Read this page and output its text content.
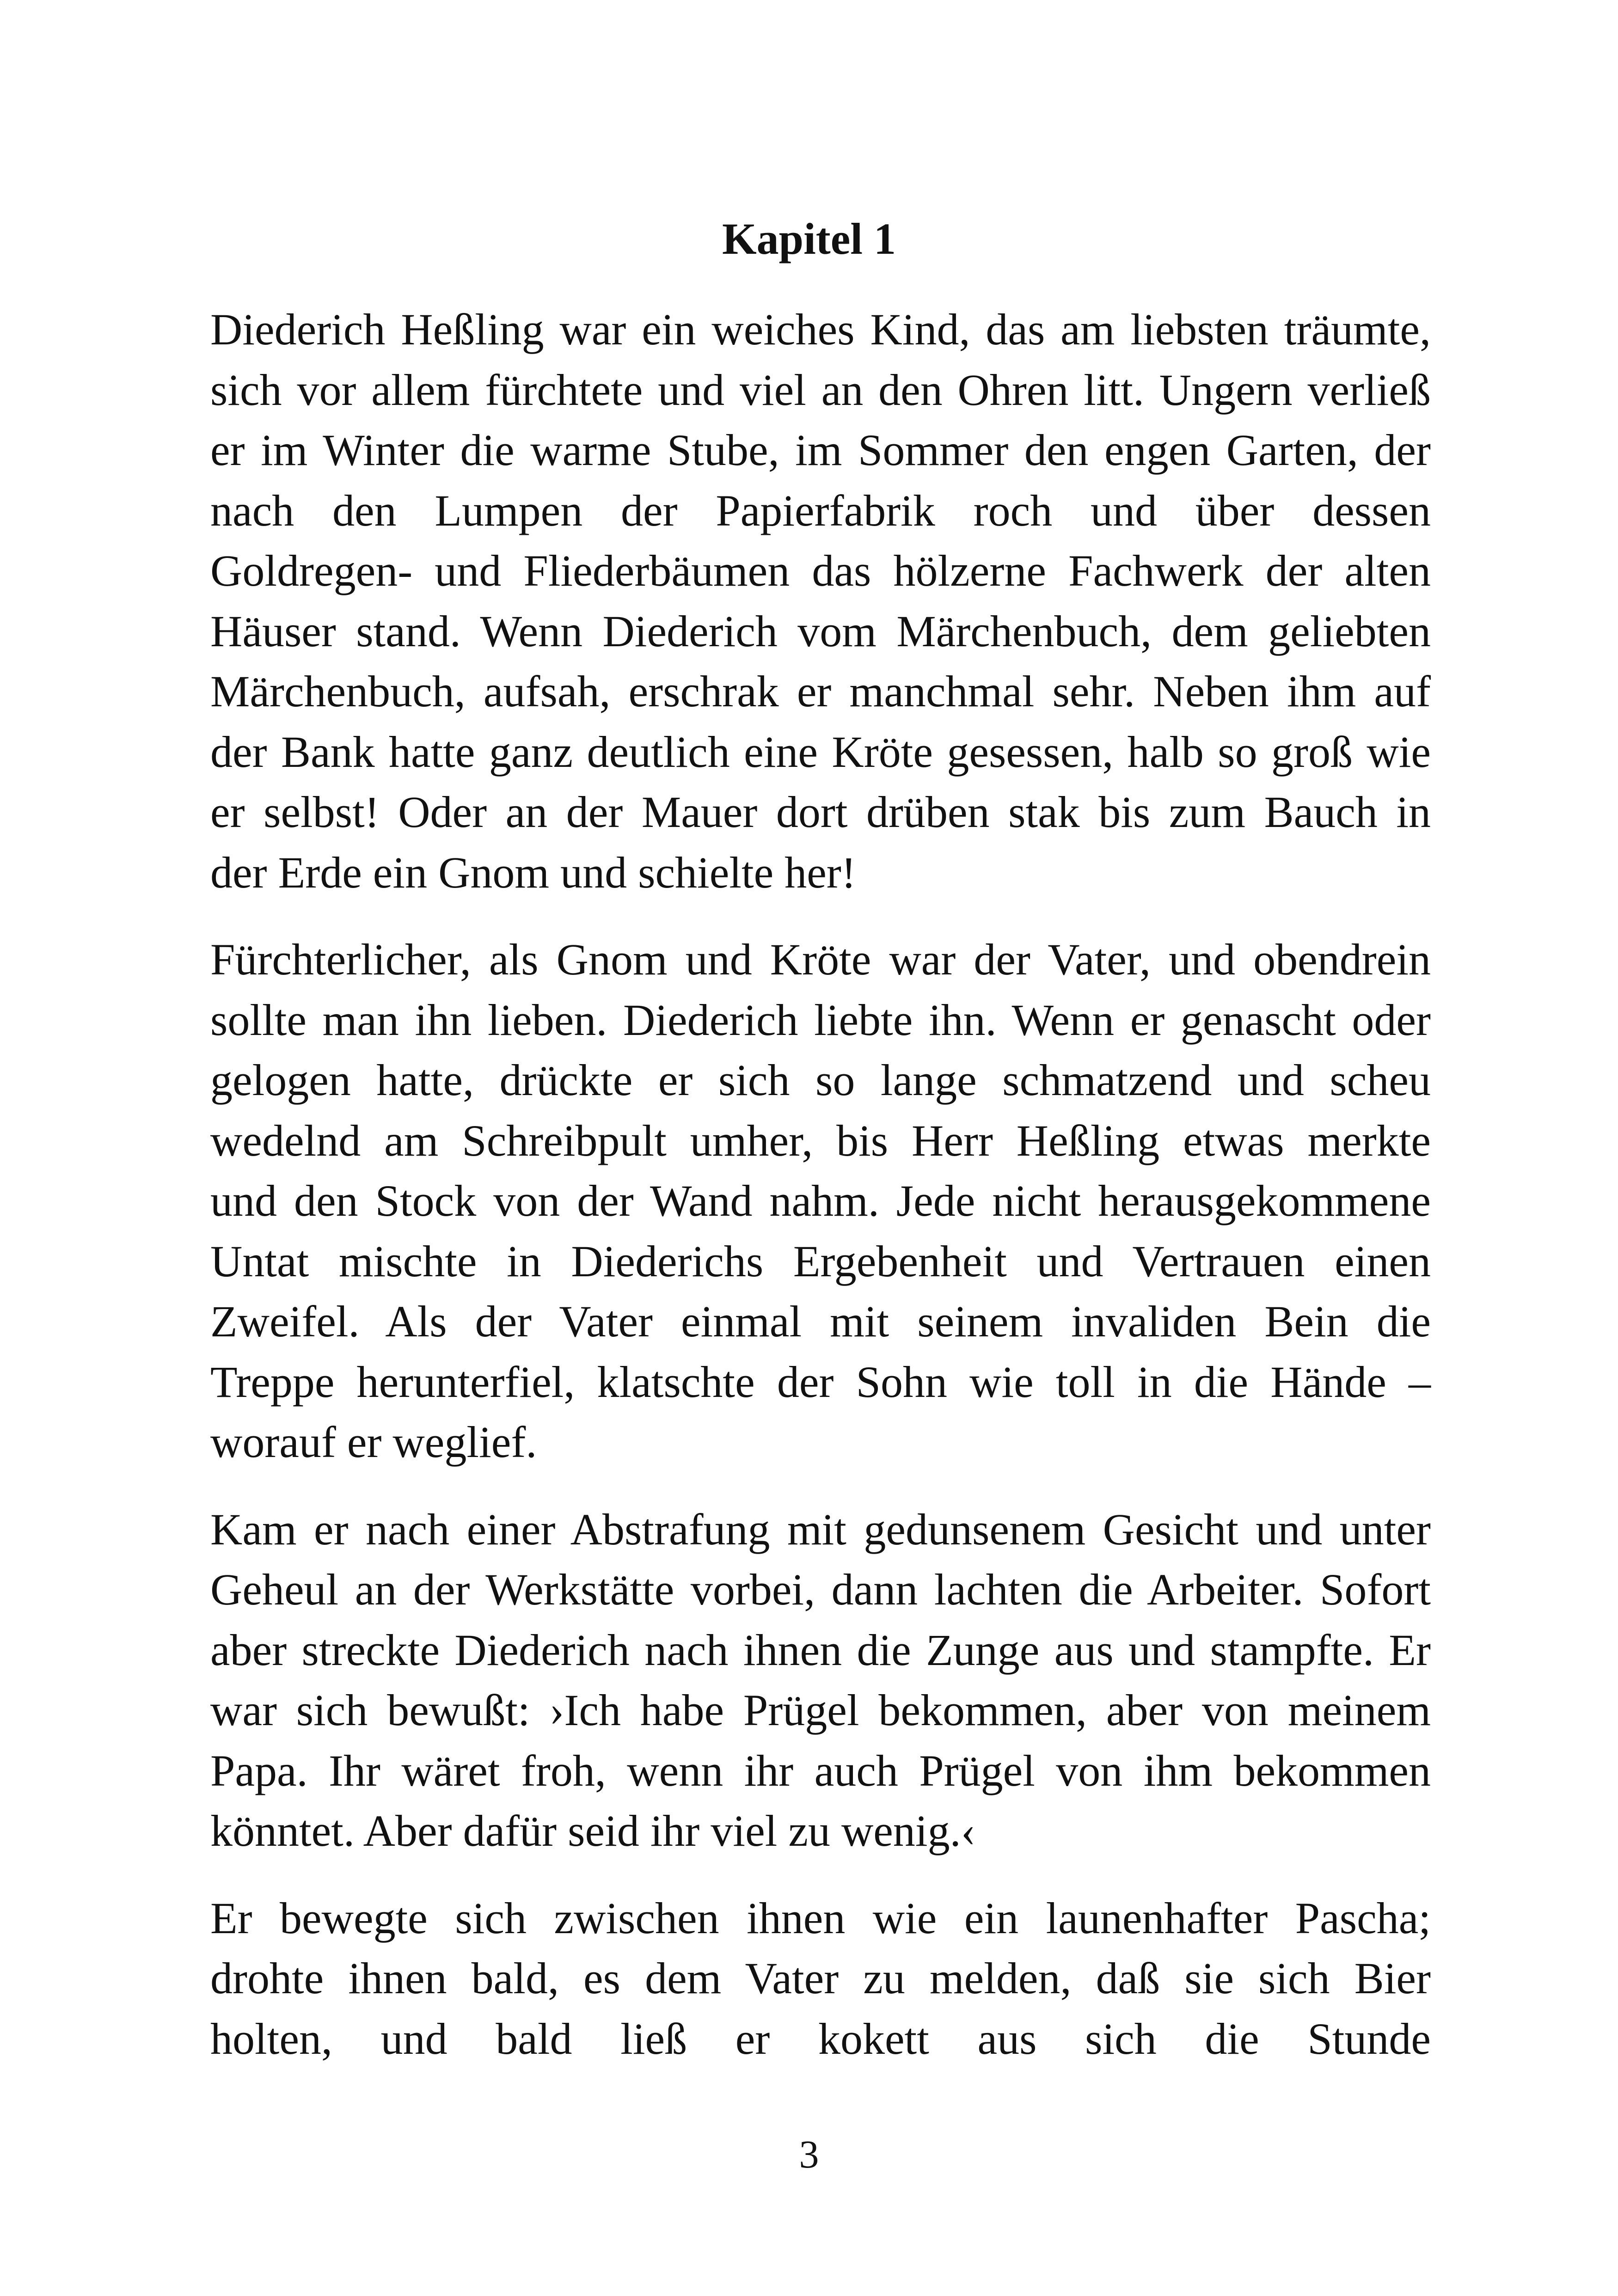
Kapitel 1

Diederich Heßling war ein weiches Kind, das am liebsten träumte,
sich vor allem fürchtete und viel an den Ohren litt. Ungern verließ
er im Winter die warme Stube, im Sommer den engen Garten, der
nach den Lumpen der Papierfabrik roch und über dessen
Goldregen- und Fliederbäumen das hölzerne Fachwerk der alten
Häuser stand. Wenn Diederich vom Märchenbuch, dem geliebten
Märchenbuch, aufsah, erschrak er manchmal sehr. Neben ihm auf
der Bank hatte ganz deutlich eine Kröte gesessen, halb so groß wie
er selbst! Oder an der Mauer dort drüben stak bis zum Bauch in
der Erde ein Gnom und schielte her!

Fürchterlicher, als Gnom und Kröte war der Vater, und obendrein
sollte man ihn lieben. Diederich liebte ihn. Wenn er genascht oder
gelogen hatte, drückte er sich so lange schmatzend und scheu
wedelnd am Schreibpult umher, bis Herr Heßling etwas merkte
und den Stock von der Wand nahm. Jede nicht herausgekommene
Untat mischte in Diederichs Ergebenheit und Vertrauen einen
Zweifel. Als der Vater einmal mit seinem invaliden Bein die
Treppe herunterfiel, klatschte der Sohn wie toll in die Hände –
worauf er weglief.

Kam er nach einer Abstrafung mit gedunsenem Gesicht und unter
Geheul an der Werkstätte vorbei, dann lachten die Arbeiter. Sofort
aber streckte Diederich nach ihnen die Zunge aus und stampfte. Er
war sich bewußt: ›Ich habe Prügel bekommen, aber von meinem
Papa. Ihr wäret froh, wenn ihr auch Prügel von ihm bekommen
könntet. Aber dafür seid ihr viel zu wenig.‹

Er bewegte sich zwischen ihnen wie ein launenhafter Pascha;
drohte ihnen bald, es dem Vater zu melden, daß sie sich Bier
holten, und bald ließ er kokett aus sich die Stunde

3
